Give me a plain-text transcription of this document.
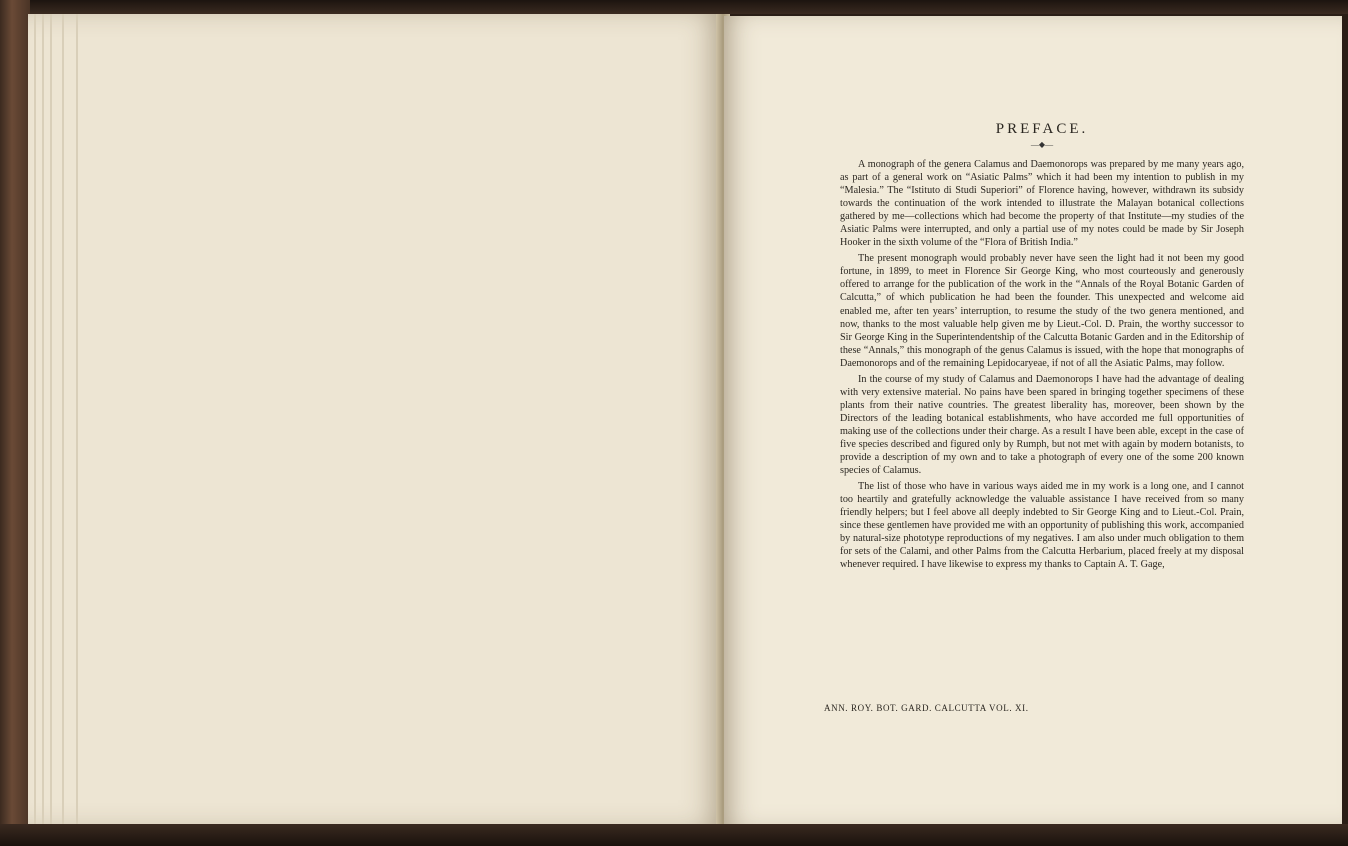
PREFACE.
—◆—

A monograph of the genera Calamus and Daemonorops was prepared by me many years ago, as part of a general work on “Asiatic Palms” which it had been my intention to publish in my “Malesia.” The “Istituto di Studi Superiori” of Florence having, however, withdrawn its subsidy towards the continuation of the work intended to illustrate the Malayan botanical collections gathered by me—collections which had become the property of that Institute—my studies of the Asiatic Palms were interrupted, and only a partial use of my notes could be made by Sir Joseph Hooker in the sixth volume of the “Flora of British India.”

The present monograph would probably never have seen the light had it not been my good fortune, in 1899, to meet in Florence Sir George King, who most courteously and generously offered to arrange for the publication of the work in the “Annals of the Royal Botanic Garden of Calcutta,” of which publication he had been the founder. This unexpected and welcome aid enabled me, after ten years’ interruption, to resume the study of the two genera mentioned, and now, thanks to the most valuable help given me by Lieut.-Col. D. Prain, the worthy successor to Sir George King in the Superintendentship of the Calcutta Botanic Garden and in the Editorship of these “Annals,” this monograph of the genus Calamus is issued, with the hope that monographs of Daemonorops and of the remaining Lepidocaryeae, if not of all the Asiatic Palms, may follow.

In the course of my study of Calamus and Daemonorops I have had the advantage of dealing with very extensive material. No pains have been spared in bringing together specimens of these plants from their native countries. The greatest liberality has, moreover, been shown by the Directors of the leading botanical establishments, who have accorded me full opportunities of making use of the collections under their charge. As a result I have been able, except in the case of five species described and figured only by Rumph, but not met with again by modern botanists, to provide a description of my own and to take a photograph of every one of the some 200 known species of Calamus.

The list of those who have in various ways aided me in my work is a long one, and I cannot too heartily and gratefully acknowledge the valuable assistance I have received from so many friendly helpers; but I feel above all deeply indebted to Sir George King and to Lieut.-Col. Prain, since these gentlemen have provided me with an opportunity of publishing this work, accompanied by natural-size phototype reproductions of my negatives. I am also under much obligation to them for sets of the Calami, and other Palms from the Calcutta Herbarium, placed freely at my disposal whenever required. I have likewise to express my thanks to Captain A. T. Gage,

ANN. ROY. BOT. GARD. CALCUTTA VOL. XI.
